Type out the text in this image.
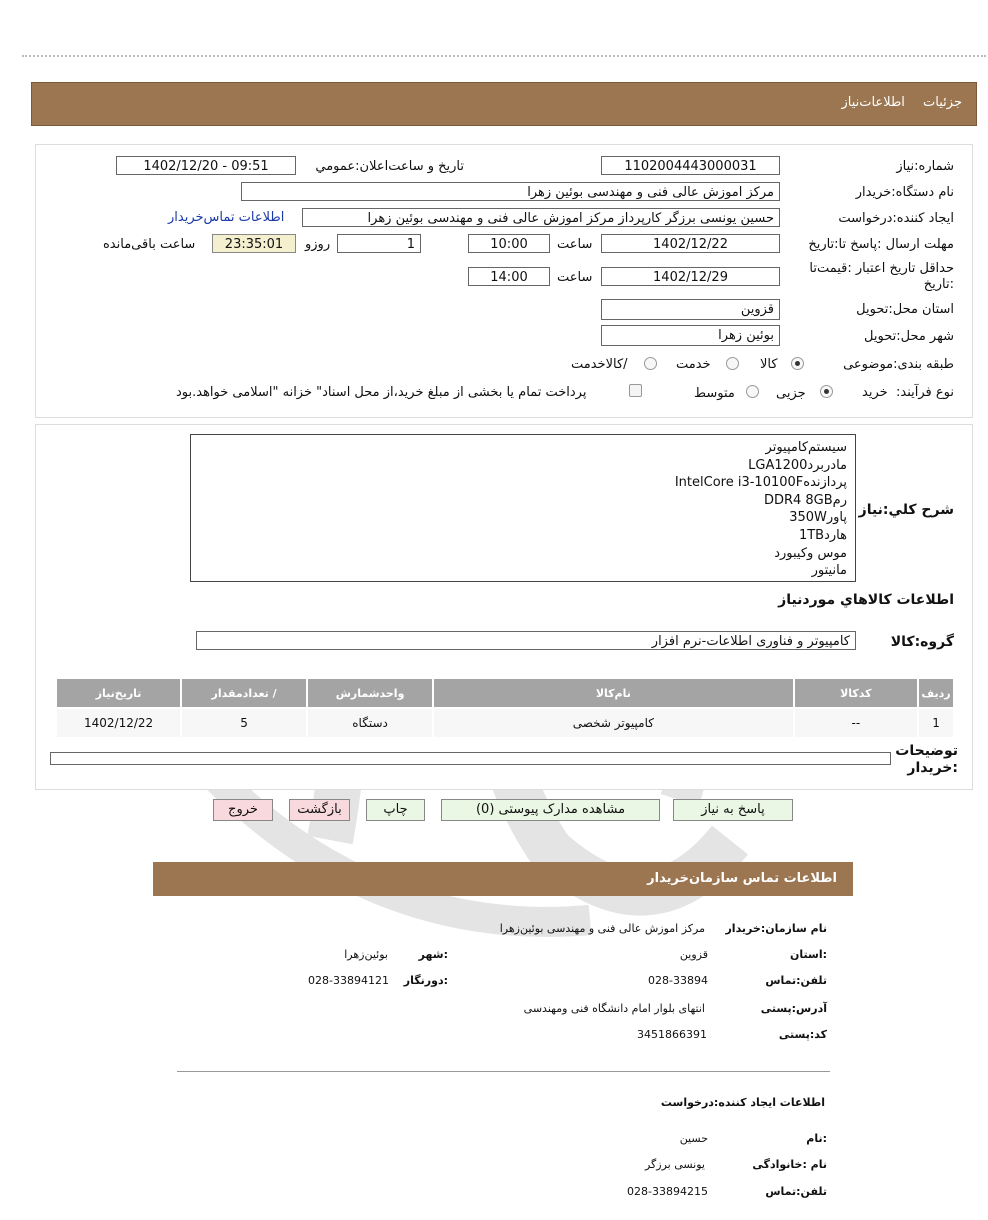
جزئيات اطلاعات‌نیاز
شماره:نیاز
1102004443000031
تاریخ و ساعت‌اعلان:عمومي
1402/12/20 - 09:51
نام دستگاه:خریدار
مرکز اموزش عالی فنی و مهندسی بوئین زهرا
ایجاد کننده:درخواست
حسین یونسی برزگر کارپرداز مرکز اموزش عالی فنی و مهندسی بوئین زهرا
اطلاعات تماس‌خریدار
مهلت ارسال :پاسخ تا:تاریخ
1402/12/22
ساعت
10:00
1
روزو
23:35:01
ساعت باقی‌مانده
حداقل تاریخ اعتبار :قیمت‌تا
:تاریخ
1402/12/29
ساعت
14:00
استان محل:تحویل
قزوین
شهر محل:تحویل
بوئین زهرا
طبقه بندی:موضوعی
کالا
خدمت
/کالاخدمت
نوع فرآیند:
خرید
جزیی
متوسط
پرداخت تمام یا بخشی از مبلغ خرید،از محل اسناد" خزانه "اسلامی خواهد.بود
شرح کلي:نیاز
سیستم‌کامپیوتر
مادربردLGA1200
پردازندهIntelCore i3-10100F
رمDDR4 8GB
پاور350W
هارد1TB
موس وکیبورد
مانیتور
اطلاعات کالاهاي موردنیاز
گروه:کالا
کامپیوتر و فناوری اطلاعات-نرم افزار
ردیف	کدکالا	نام‌کالا	واحدشمارش	/ تعدادمقدار	تاریخ‌نیاز
1	--	کامپیوتر شخصی	دستگاه	5	1402/12/22
توضیحات
:خریدار
پاسخ به نیاز
مشاهده مدارک پیوستی (0)
چاپ
بازگشت
خروج
اطلاعات تماس سازمان‌خریدار
نام سازمان:خریدار
مرکز اموزش عالی فنی و مهندسی بوئین‌زهرا
:استان
قزوین
:شهر
بوئین‌زهرا
تلفن:تماس
028-33894
:دورنگار
028-33894121
آدرس:پستی
انتهای بلوار امام دانشگاه فنی ومهندسی
کد:پستی
3451866391
اطلاعات ایجاد کننده:درخواست
:نام
حسین
نام :خانوادگی
یونسی برزگر
تلفن:تماس
028-33894215
